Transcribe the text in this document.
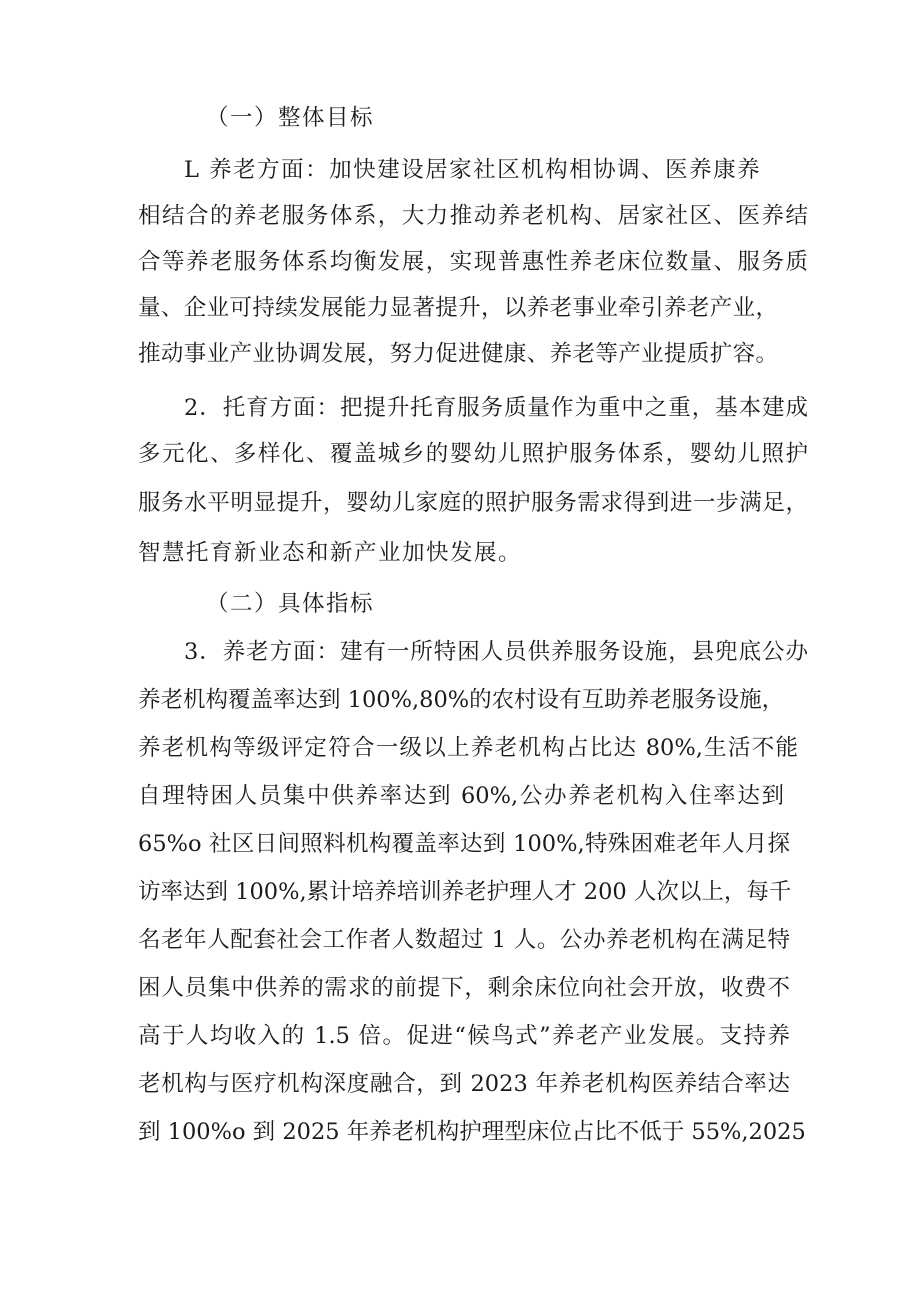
（一）整体目标
L 养老方面：加快建设居家社区机构相协调、医养康养
相结合的养老服务体系，大力推动养老机构、居家社区、医养结
合等养老服务体系均衡发展，实现普惠性养老床位数量、服务质
量、企业可持续发展能力显著提升，以养老事业牵引养老产业，
推动事业产业协调发展，努力促进健康、养老等产业提质扩容。
2．托育方面：把提升托育服务质量作为重中之重，基本建成
多元化、多样化、覆盖城乡的婴幼儿照护服务体系，婴幼儿照护
服务水平明显提升，婴幼儿家庭的照护服务需求得到进一步满足，
智慧托育新业态和新产业加快发展。
（二）具体指标
3．养老方面：建有一所特困人员供养服务设施，县兜底公办
养老机构覆盖率达到 100%,80%的农村设有互助养老服务设施，
养老机构等级评定符合一级以上养老机构占比达 80%,生活不能
自理特困人员集中供养率达到 60%,公办养老机构入住率达到
65%o 社区日间照料机构覆盖率达到 100%,特殊困难老年人月探
访率达到 100%,累计培养培训养老护理人才 200 人次以上，每千
名老年人配套社会工作者人数超过 1 人。公办养老机构在满足特
困人员集中供养的需求的前提下，剩余床位向社会开放，收费不
高于人均收入的 1.5 倍。促进“候鸟式”养老产业发展。支持养
老机构与医疗机构深度融合，到 2023 年养老机构医养结合率达
到 100%o 到 2025 年养老机构护理型床位占比不低于 55%,2025
